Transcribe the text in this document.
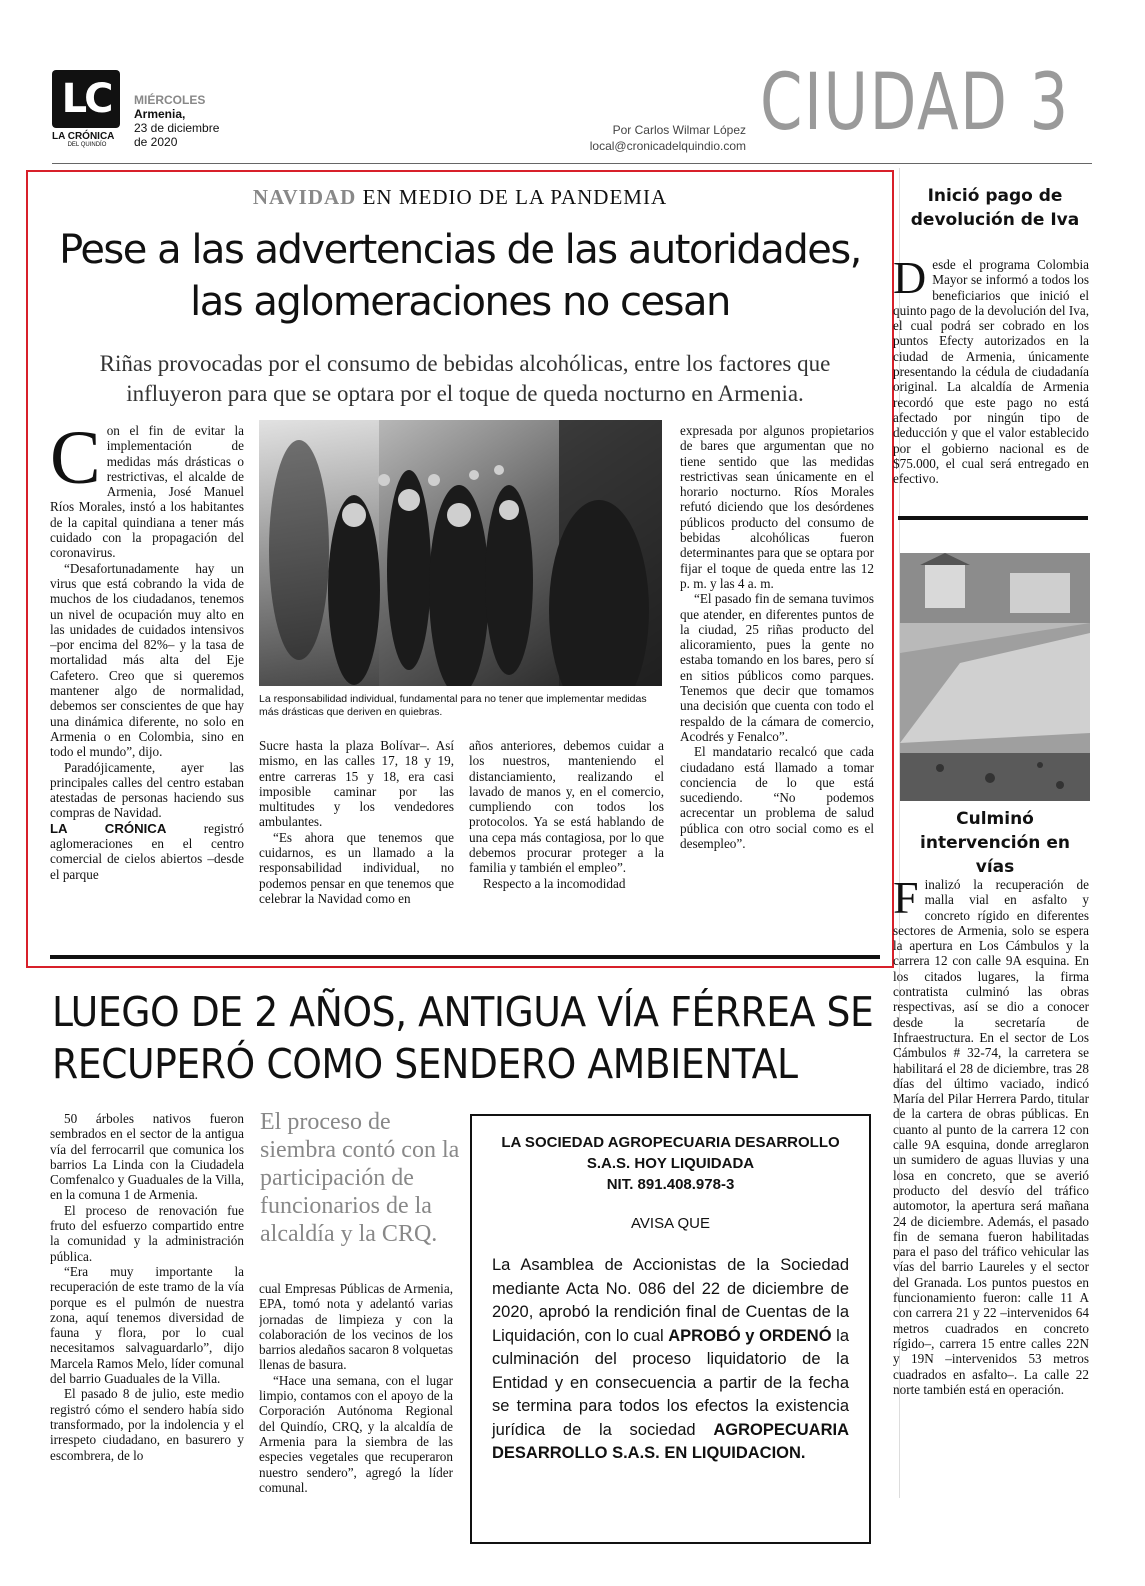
LC
LA CRÓNICA
DEL QUINDÍO
MIÉRCOLES
Armenia,
23 de diciembre
de 2020
Por Carlos Wilmar López
local@cronicadelquindio.com CIUDAD 3
NAVIDAD EN MEDIO DE LA PANDEMIA
Pese a las advertencias de las autoridades,
las aglomeraciones no cesan
Riñas provocadas por el consumo de bebidas alcohólicas, entre los factores que influyeron para que se optara por el toque de queda nocturno en Armenia.
C on el fin de evitar la implementación de medidas más drásticas o restrictivas, el alcalde de Armenia, José Manuel Ríos Morales, instó a los habitantes de la capital quindiana a tener más cuidado con la propagación del coronavirus.

“Desafortunadamente hay un virus que está cobrando la vida de muchos de los ciudadanos, tenemos un nivel de ocupación muy alto en las unidades de cuidados intensivos –por encima del 82%– y la tasa de mortalidad más alta del Eje Cafetero. Creo que si queremos mantener algo de normalidad, debemos ser conscientes de que hay una dinámica diferente, no solo en Armenia o en Colombia, sino en todo el mundo”, dijo.

Paradójicamente, ayer las principales calles del centro estaban atestadas de personas haciendo sus compras de Navidad.

LA CRÓNICA registró aglomeraciones en el centro comercial de cielos abiertos –desde el parque

La responsabilidad individual, fundamental para no tener que implementar medidas más drásticas que deriven en quiebras.

Sucre hasta la plaza Bolívar–. Así mismo, en las calles 17, 18 y 19, entre carreras 15 y 18, era casi imposible caminar por las multitudes y los vendedores ambulantes.

“Es ahora que tenemos que cuidarnos, es un llamado a la responsabilidad individual, no podemos pensar en que tenemos que celebrar la Navidad como en

años anteriores, debemos cuidar a los nuestros, manteniendo el distanciamiento, realizando el lavado de manos y, en el comercio, cumpliendo con todos los protocolos. Ya se está hablando de una cepa más contagiosa, por lo que debemos procurar proteger a la familia y también el empleo”.

Respecto a la incomodidad

expresada por algunos propietarios de bares que argumentan que no tiene sentido que las medidas restrictivas sean únicamente en el horario nocturno. Ríos Morales refutó diciendo que los desórdenes públicos producto del consumo de bebidas alcohólicas fueron determinantes para que se optara por fijar el toque de queda entre las 12 p. m. y las 4 a. m.

“El pasado fin de semana tuvimos que atender, en diferentes puntos de la ciudad, 25 riñas producto del alicoramiento, pues la gente no estaba tomando en los bares, pero sí en sitios públicos como parques. Tenemos que decir que tomamos una decisión que cuenta con todo el respaldo de la cámara de comercio, Acodrés y Fenalco”.

El mandatario recalcó que cada ciudadano está llamado a tomar conciencia de lo que está sucediendo. “No podemos acrecentar un problema de salud pública con otro social como es el desempleo”.

Inició pago de devolución de Iva
D esde el programa Colombia Mayor se informó a todos los beneficiarios que inició el quinto pago de la devolución del Iva, el cual podrá ser cobrado en los puntos Efecty autorizados en la ciudad de Armenia, únicamente presentando la cédula de ciudadanía original. La alcaldía de Armenia recordó que este pago no está afectado por ningún tipo de deducción y que el valor establecido por el gobierno nacional es de $75.000, el cual será entregado en efectivo.

Culminó intervención en vías
F inalizó la recuperación de malla vial en asfalto y concreto rígido en diferentes sectores de Armenia, solo se espera la apertura en Los Cámbulos y la carrera 12 con calle 9A esquina. En los citados lugares, la firma contratista culminó las obras respectivas, así se dio a conocer desde la secretaría de Infraestructura. En el sector de Los Cámbulos # 32-74, la carretera se habilitará el 28 de diciembre, tras 28 días del último vaciado, indicó María del Pilar Herrera Pardo, titular de la cartera de obras públicas. En cuanto al punto de la carrera 12 con calle 9A esquina, donde arreglaron un sumidero de aguas lluvias y una losa en concreto, que se averió producto del desvío del tráfico automotor, la apertura será mañana 24 de diciembre. Además, el pasado fin de semana fueron habilitadas para el paso del tráfico vehicular las vías del barrio Laureles y el sector del Granada. Los puntos puestos en funcionamiento fueron: calle 11 A con carrera 21 y 22 –intervenidos 64 metros cuadrados en concreto rígido–, carrera 15 entre calles 22N y 19N –intervenidos 53 metros cuadrados en asfalto–. La calle 22 norte también está en operación.

LUEGO DE 2 AÑOS, ANTIGUA VÍA FÉRREA SE
RECUPERÓ COMO SENDERO AMBIENTAL

50 árboles nativos fueron sembrados en el sector de la antigua vía del ferrocarril que comunica los barrios La Linda con la Ciudadela Comfenalco y Guaduales de la Villa, en la comuna 1 de Armenia.

El proceso de renovación fue fruto del esfuerzo compartido entre la comunidad y la administración pública.

“Era muy importante la recuperación de este tramo de la vía porque es el pulmón de nuestra zona, aquí tenemos diversidad de fauna y flora, por lo cual necesitamos salvaguardarlo”, dijo Marcela Ramos Melo, líder comunal del barrio Guaduales de la Villa.

El pasado 8 de julio, este medio registró cómo el sendero había sido transformado, por la indolencia y el irrespeto ciudadano, en basurero y escombrera, de lo

El proceso de siembra contó con la participación de funcionarios de la alcaldía y la CRQ.

cual Empresas Públicas de Armenia, EPA, tomó nota y adelantó varias jornadas de limpieza y con la colaboración de los vecinos de los barrios aledaños sacaron 8 volquetas llenas de basura.

“Hace una semana, con el lugar limpio, contamos con el apoyo de la Corporación Autónoma Regional del Quindío, CRQ, y la alcaldía de Armenia para la siembra de las especies vegetales que recuperaron nuestro sendero”, agregó la líder comunal.

LA SOCIEDAD AGROPECUARIA DESARROLLO
S.A.S. HOY LIQUIDADA
NIT. 891.408.978-3
AVISA QUE
La Asamblea de Accionistas de la Sociedad mediante Acta No. 086 del 22 de diciembre de 2020, aprobó la rendición final de Cuentas de la Liquidación, con lo cual APROBÓ y ORDENÓ la culminación del proceso liquidatorio de la Entidad y en consecuencia a partir de la fecha se termina para todos los efectos la existencia jurídica de la sociedad AGROPECUARIA DESARROLLO S.A.S. EN LIQUIDACION.
